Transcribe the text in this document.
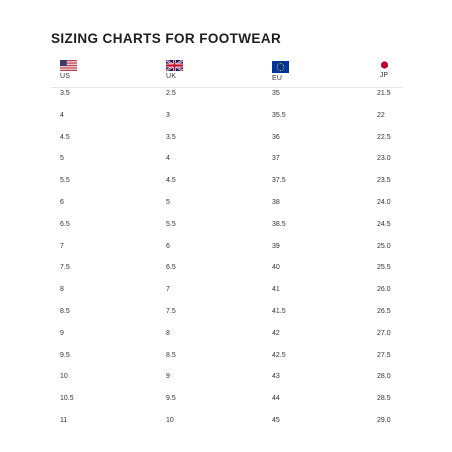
SIZING CHARTS FOR FOOTWEAR
US	UK	EU	JP
3.5	2.5	35	21.5
4	3	35.5	22
4.5	3.5	36	22.5
5	4	37	23.0
5.5	4.5	37.5	23.5
6	5	38	24.0
6.5	5.5	38.5	24.5
7	6	39	25.0
7.5	6.5	40	25.5
8	7	41	26.0
8.5	7.5	41.5	26.5
9	8	42	27.0
9.5	8.5	42.5	27.5
10	9	43	28.0
10.5	9.5	44	28.5
11	10	45	29.0
